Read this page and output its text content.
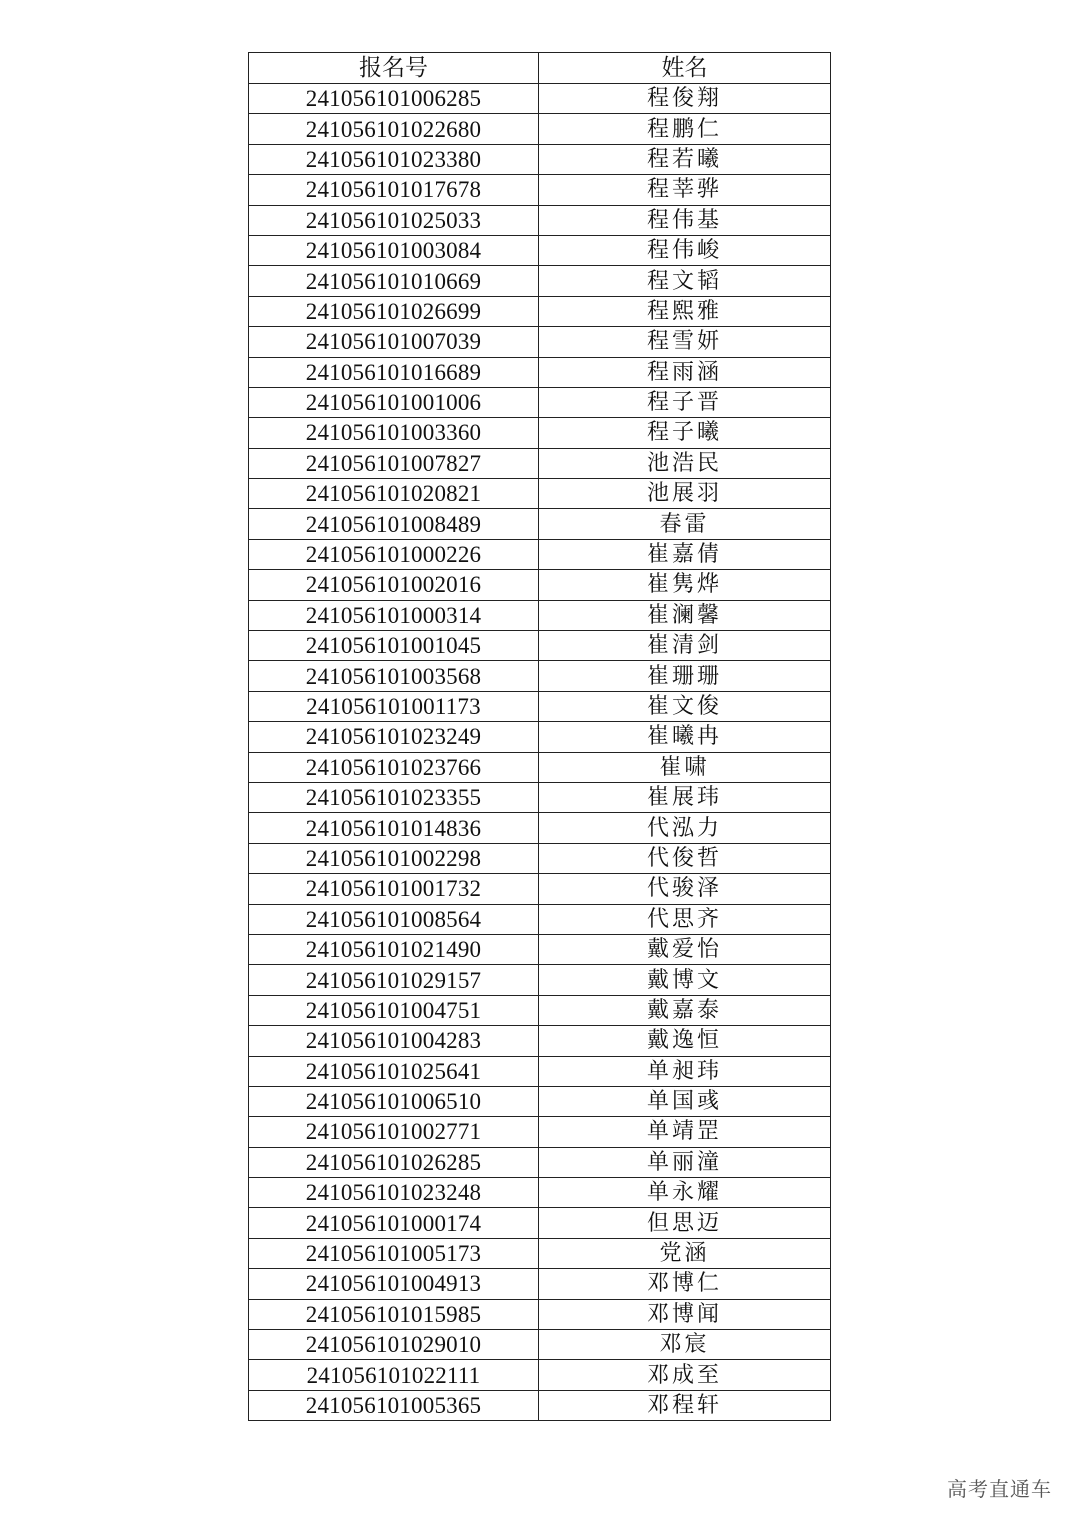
报名号	姓名
241056101006285	程俊翔
241056101022680	程鹏仁
241056101023380	程若曦
241056101017678	程莘骅
241056101025033	程伟基
241056101003084	程伟峻
241056101010669	程文韬
241056101026699	程熙雅
241056101007039	程雪妍
241056101016689	程雨涵
241056101001006	程子晋
241056101003360	程子曦
241056101007827	池浩民
241056101020821	池展羽
241056101008489	春雷
241056101000226	崔嘉倩
241056101002016	崔隽烨
241056101000314	崔澜馨
241056101001045	崔清剑
241056101003568	崔珊珊
241056101001173	崔文俊
241056101023249	崔曦冉
241056101023766	崔啸
241056101023355	崔展玮
241056101014836	代泓力
241056101002298	代俊哲
241056101001732	代骏泽
241056101008564	代思齐
241056101021490	戴爱怡
241056101029157	戴博文
241056101004751	戴嘉泰
241056101004283	戴逸恒
241056101025641	单昶玮
241056101006510	单国彧
241056101002771	单靖罡
241056101026285	单丽潼
241056101023248	单永耀
241056101000174	但思迈
241056101005173	党涵
241056101004913	邓博仁
241056101015985	邓博闻
241056101029010	邓宸
241056101022111	邓成至
241056101005365	邓程轩
高考直通车
